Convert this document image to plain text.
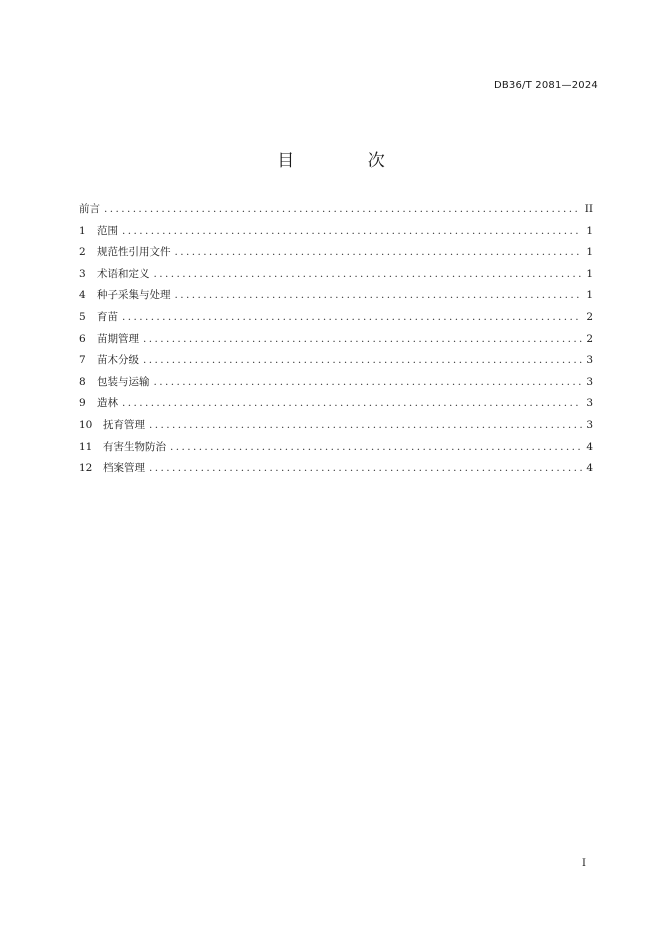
DB36/T 2081—2024
目 次
前言 .....	II
1	范围 .....	1
2	规范性引用文件 .....	1
3	术语和定义 .....	1
4	种子采集与处理 .....	1
5	育苗 .....	2
6	苗期管理 .....	2
7	苗木分级 .....	3
8	包装与运输 .....	3
9	造林 .....	3
10 抚育管理 .....	3
11 有害生物防治 .....	4
12 档案管理 .....	4
I
